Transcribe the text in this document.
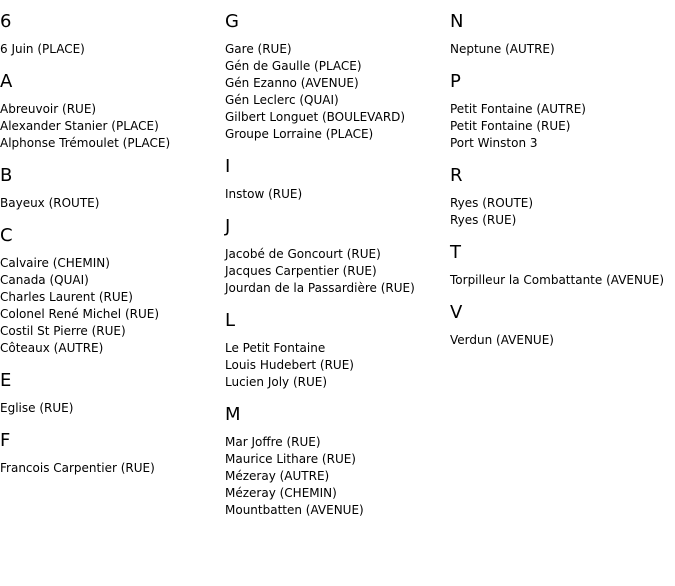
6
6 Juin (PLACE)
A
Abreuvoir (RUE)
Alexander Stanier (PLACE)
Alphonse Trémoulet (PLACE)
B
Bayeux (ROUTE)
C
Calvaire (CHEMIN)
Canada (QUAI)
Charles Laurent (RUE)
Colonel René Michel (RUE)
Costil St Pierre (RUE)
Côteaux (AUTRE)
E
Eglise (RUE)
F
Francois Carpentier (RUE)
G
Gare (RUE)
Gén de Gaulle (PLACE)
Gén Ezanno (AVENUE)
Gén Leclerc (QUAI)
Gilbert Longuet (BOULEVARD)
Groupe Lorraine (PLACE)
I
Instow (RUE)
J
Jacobé de Goncourt (RUE)
Jacques Carpentier (RUE)
Jourdan de la Passardière (RUE)
L
Le Petit Fontaine
Louis Hudebert (RUE)
Lucien Joly (RUE)
M
Mar Joffre (RUE)
Maurice Lithare (RUE)
Mézeray (AUTRE)
Mézeray (CHEMIN)
Mountbatten (AVENUE)
N
Neptune (AUTRE)
P
Petit Fontaine (AUTRE)
Petit Fontaine (RUE)
Port Winston 3
R
Ryes (ROUTE)
Ryes (RUE)
T
Torpilleur la Combattante (AVENUE)
V
Verdun (AVENUE)
